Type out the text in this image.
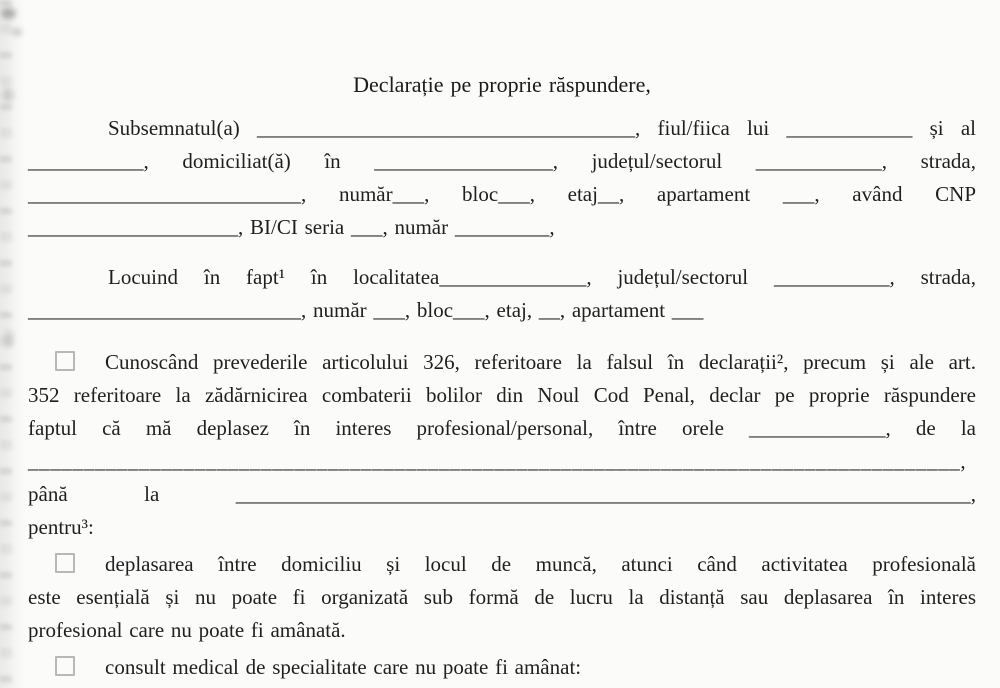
Declarație pe proprie răspundere,
Subsemnatul(a) ____________________________________, fiul/fiica lui ____________ și al
___________, domiciliat(ă) în _________________, județul/sectorul ____________, strada,
__________________________, număr___, bloc___, etaj__, apartament ___, având CNP
____________________, BI/CI seria ___, număr _________,
Locuind în fapt¹ în localitatea______________, județul/sectorul ___________, strada,
__________________________, număr ___, bloc___, etaj, __, apartament ___
Cunoscând prevederile articolului 326, referitoare la falsul în declarații², precum și ale art.
352 referitoare la zădărnicirea combaterii bolilor din Noul Cod Penal, declar pe proprie răspundere
faptul că mă deplasez în interes profesional/personal, între orele _____________, de la
____________________________________________________________________________________,
până la ______________________________________________________________________,
pentru³:
deplasarea între domiciliu și locul de muncă, atunci când activitatea profesională
este esențială și nu poate fi organizată sub formă de lucru la distanță sau deplasarea în interes
profesional care nu poate fi amânată.
consult medical de specialitate care nu poate fi amânat:
